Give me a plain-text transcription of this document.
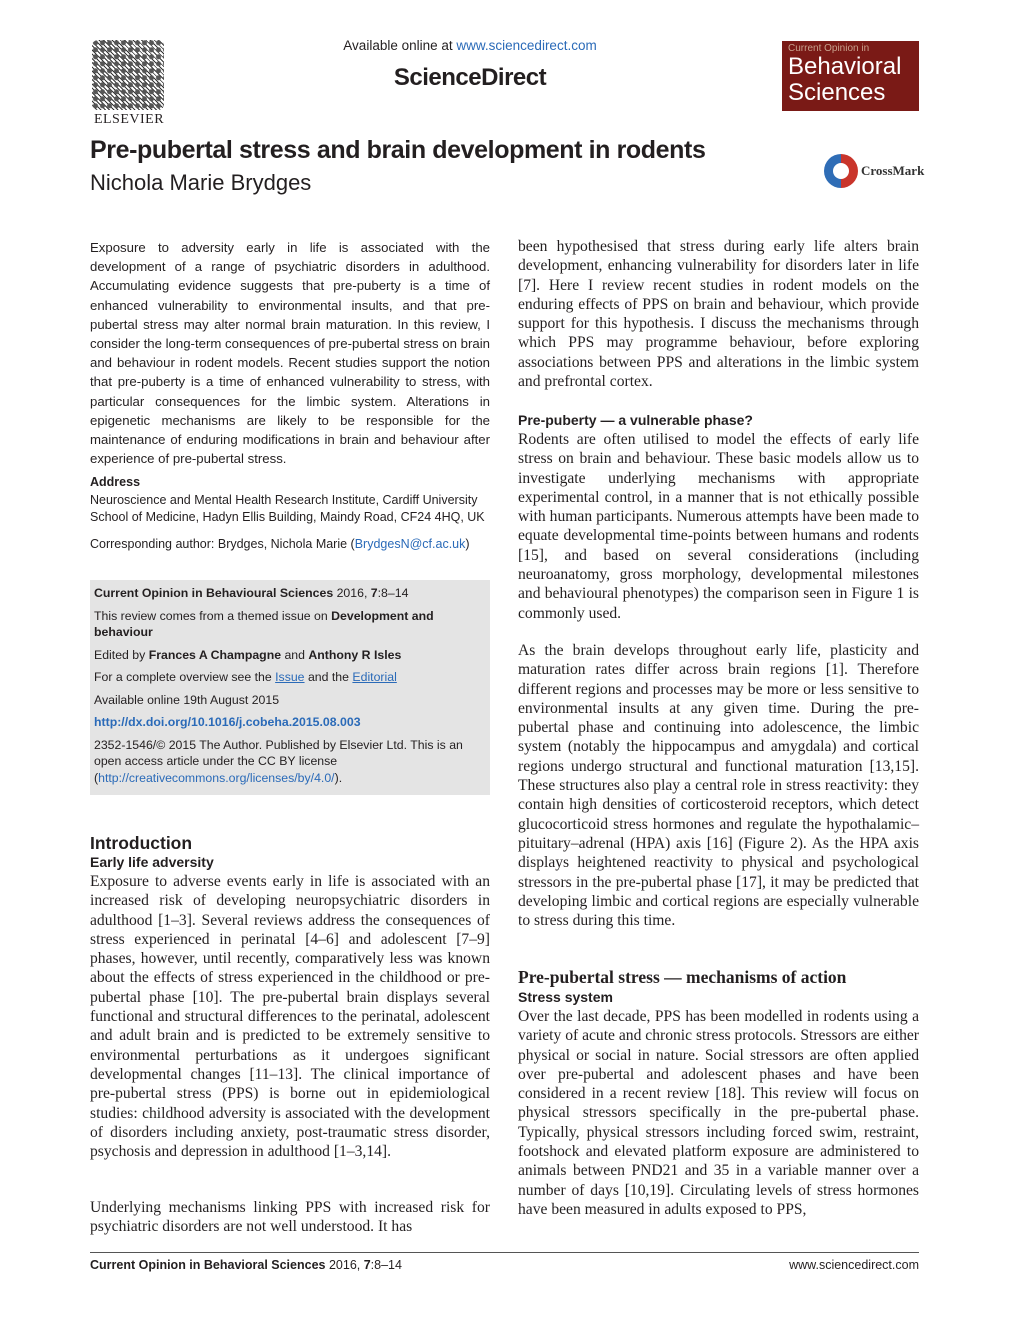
ELSEVIER
Available online at www.sciencedirect.com
ScienceDirect
Current Opinion in
Behavioral
Sciences
Pre-pubertal stress and brain development in rodents
Nichola Marie Brydges	CrossMark
Exposure to adversity early in life is associated with the development of a range of psychiatric disorders in adulthood. Accumulating evidence suggests that pre-puberty is a time of enhanced vulnerability to environmental insults, and that pre-pubertal stress may alter normal brain maturation. In this review, I consider the long-term consequences of pre-pubertal stress on brain and behaviour in rodent models. Recent studies support the notion that pre-puberty is a time of enhanced vulnerability to stress, with particular consequences for the limbic system. Alterations in epigenetic mechanisms are likely to be responsible for the maintenance of enduring modifications in brain and behaviour after experience of pre-pubertal stress.
Address
Neuroscience and Mental Health Research Institute, Cardiff University
School of Medicine, Hadyn Ellis Building, Maindy Road, CF24 4HQ, UK
Corresponding author: Brydges, Nichola Marie (BrydgesN@cf.ac.uk)

Current Opinion in Behavioural Sciences 2016, 7:8–14

This review comes from a themed issue on Development and behaviour

Edited by Frances A Champagne and Anthony R Isles

For a complete overview see the Issue and the Editorial

Available online 19th August 2015

http://dx.doi.org/10.1016/j.cobeha.2015.08.003

2352-1546/© 2015 The Author. Published by Elsevier Ltd. This is an open access article under the CC BY license (http://creativecommons.org/licenses/by/4.0/).

Introduction
Early life adversity

Exposure to adverse events early in life is associated with an increased risk of developing neuropsychiatric disorders in adulthood [1–3]. Several reviews address the consequences of stress experienced in perinatal [4–6] and adolescent [7–9] phases, however, until recently, comparatively less was known about the effects of stress experienced in the childhood or pre-pubertal phase [10]. The pre-pubertal brain displays several functional and structural differences to the perinatal, adolescent and adult brain and is predicted to be extremely sensitive to environmental perturbations as it undergoes significant developmental changes [11–13]. The clinical importance of pre-pubertal stress (PPS) is borne out in epidemiological studies: childhood adversity is associated with the development of disorders including anxiety, post-traumatic stress disorder, psychosis and depression in adulthood [1–3,14].

Underlying mechanisms linking PPS with increased risk for psychiatric disorders are not well understood. It has

been hypothesised that stress during early life alters brain development, enhancing vulnerability for disorders later in life [7]. Here I review recent studies in rodent models on the enduring effects of PPS on brain and behaviour, which provide support for this hypothesis. I discuss the mechanisms through which PPS may programme behaviour, before exploring associations between PPS and alterations in the limbic system and prefrontal cortex.

Pre-puberty — a vulnerable phase?

Rodents are often utilised to model the effects of early life stress on brain and behaviour. These basic models allow us to investigate underlying mechanisms with appropriate experimental control, in a manner that is not ethically possible with human participants. Numerous attempts have been made to equate developmental time-points between humans and rodents [15], and based on several considerations (including neuroanatomy, gross morphology, developmental milestones and behavioural phenotypes) the comparison seen in Figure 1 is commonly used.

As the brain develops throughout early life, plasticity and maturation rates differ across brain regions [1]. Therefore different regions and processes may be more or less sensitive to environmental insults at any given time. During the pre-pubertal phase and continuing into adolescence, the limbic system (notably the hippocampus and amygdala) and cortical regions undergo structural and functional maturation [13,15]. These structures also play a central role in stress reactivity: they contain high densities of corticosteroid receptors, which detect glucocorticoid stress hormones and regulate the hypothalamic–pituitary–adrenal (HPA) axis [16] (Figure 2). As the HPA axis displays heightened reactivity to physical and psychological stressors in the pre-pubertal phase [17], it may be predicted that developing limbic and cortical regions are especially vulnerable to stress during this time.

Pre-pubertal stress — mechanisms of action
Stress system

Over the last decade, PPS has been modelled in rodents using a variety of acute and chronic stress protocols. Stressors are either physical or social in nature. Social stressors are often applied over pre-pubertal and adolescent phases and have been considered in a recent review [18]. This review will focus on physical stressors specifically in the pre-pubertal phase. Typically, physical stressors including forced swim, restraint, footshock and elevated platform exposure are administered to animals between PND21 and 35 in a variable manner over a number of days [10,19]. Circulating levels of stress hormones have been measured in adults exposed to PPS,

Current Opinion in Behavioral Sciences 2016, 7:8–14	www.sciencedirect.com
